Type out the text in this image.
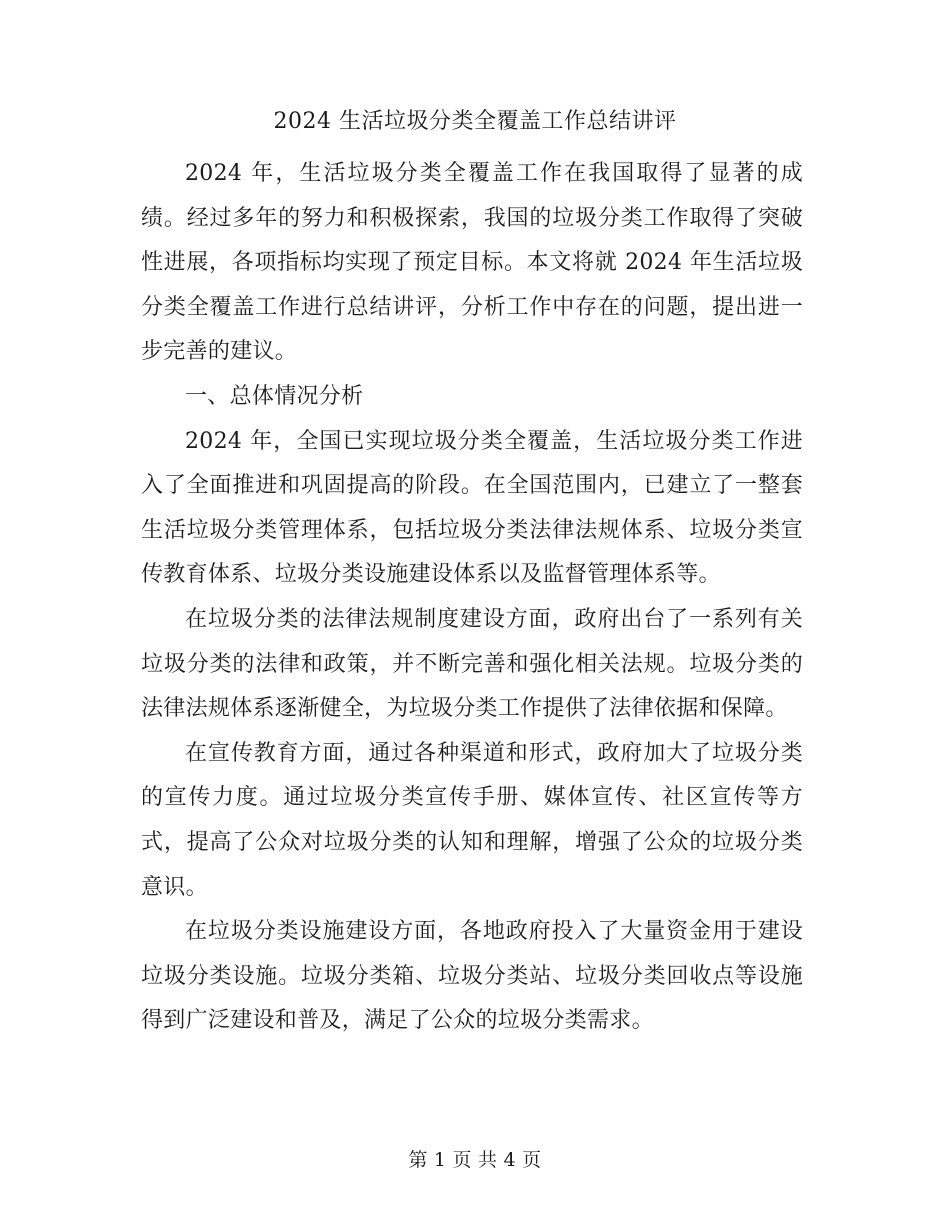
2024 生活垃圾分类全覆盖工作总结讲评

2024 年，生活垃圾分类全覆盖工作在我国取得了显著的成绩。经过多年的努力和积极探索，我国的垃圾分类工作取得了突破性进展，各项指标均实现了预定目标。本文将就 2024 年生活垃圾分类全覆盖工作进行总结讲评，分析工作中存在的问题，提出进一步完善的建议。

一、总体情况分析

2024 年，全国已实现垃圾分类全覆盖，生活垃圾分类工作进入了全面推进和巩固提高的阶段。在全国范围内，已建立了一整套生活垃圾分类管理体系，包括垃圾分类法律法规体系、垃圾分类宣传教育体系、垃圾分类设施建设体系以及监督管理体系等。

在垃圾分类的法律法规制度建设方面，政府出台了一系列有关垃圾分类的法律和政策，并不断完善和强化相关法规。垃圾分类的法律法规体系逐渐健全，为垃圾分类工作提供了法律依据和保障。

在宣传教育方面，通过各种渠道和形式，政府加大了垃圾分类的宣传力度。通过垃圾分类宣传手册、媒体宣传、社区宣传等方式，提高了公众对垃圾分类的认知和理解，增强了公众的垃圾分类意识。

在垃圾分类设施建设方面，各地政府投入了大量资金用于建设垃圾分类设施。垃圾分类箱、垃圾分类站、垃圾分类回收点等设施得到广泛建设和普及，满足了公众的垃圾分类需求。

第 1 页 共 4 页
